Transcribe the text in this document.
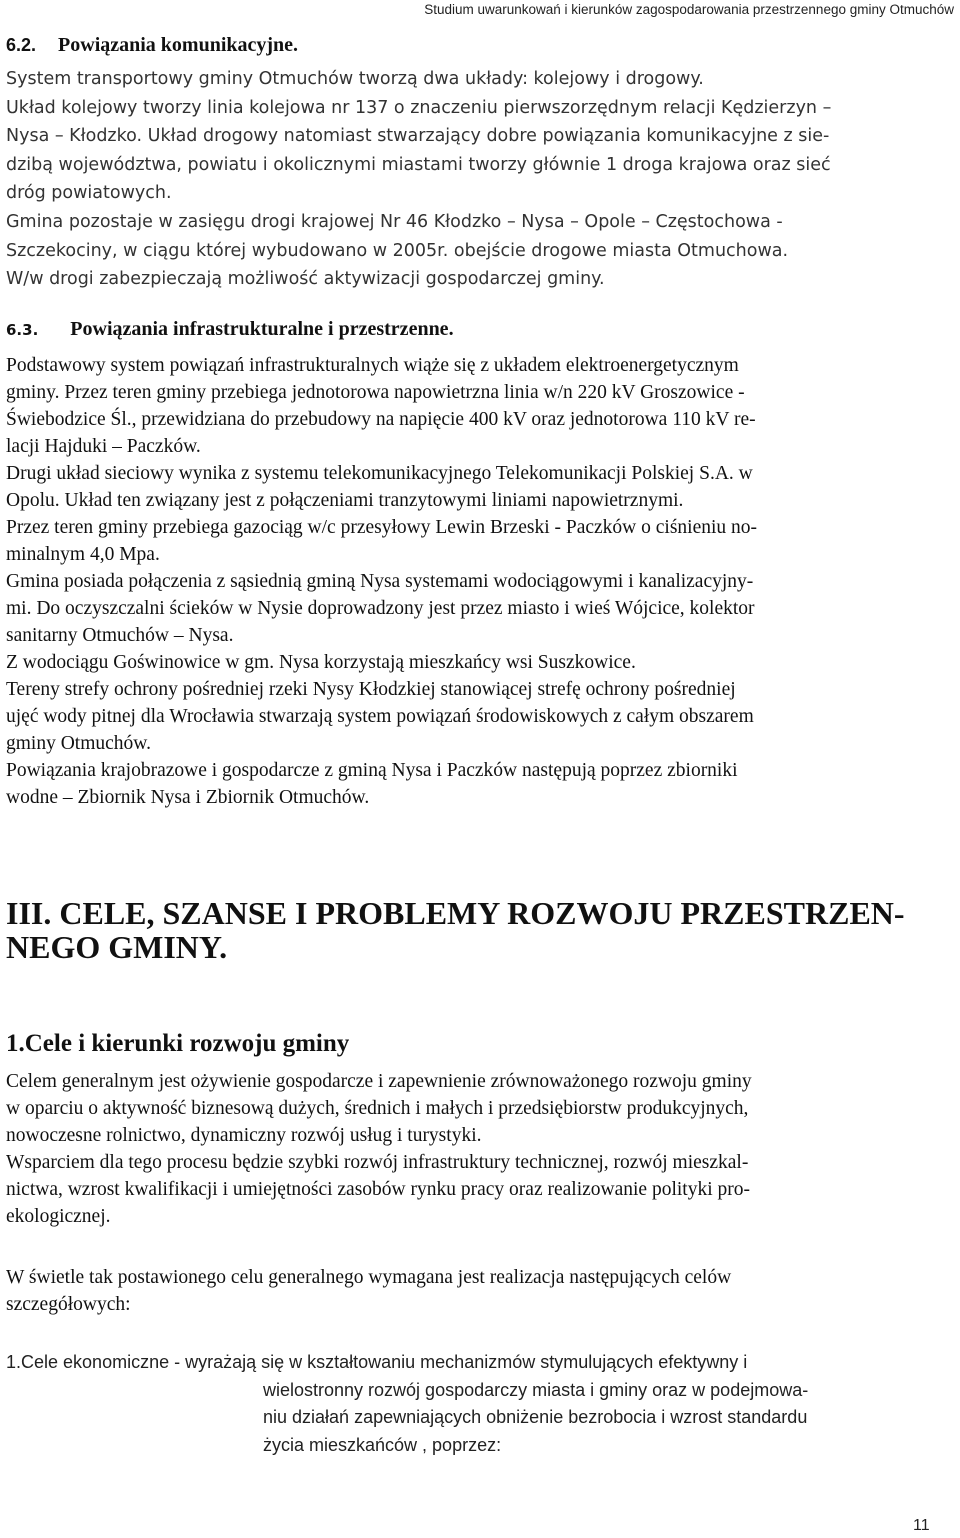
Studium uwarunkowań i kierunków zagospodarowania przestrzennego gminy Otmuchów
6.2. Powiązania komunikacyjne.
System transportowy gminy Otmuchów tworzą dwa układy: kolejowy i drogowy.
Układ kolejowy tworzy linia kolejowa nr 137 o znaczeniu pierwszorzędnym relacji Kędzierzyn –
Nysa – Kłodzko. Układ drogowy natomiast stwarzający dobre powiązania komunikacyjne z sie-
dzibą województwa, powiatu i okolicznymi miastami tworzy głównie 1 droga krajowa oraz sieć
dróg powiatowych.
Gmina pozostaje w zasięgu drogi krajowej Nr 46 Kłodzko – Nysa – Opole – Częstochowa -
Szczekociny, w ciągu której wybudowano w 2005r. obejście drogowe miasta Otmuchowa.
W/w drogi zabezpieczają możliwość aktywizacji gospodarczej gminy.
6.3. Powiązania infrastrukturalne i przestrzenne.
Podstawowy system powiązań infrastrukturalnych wiąże się z układem elektroenergetycznym
gminy. Przez teren gminy przebiega jednotorowa napowietrzna linia w/n 220 kV Groszowice -
Świebodzice Śl., przewidziana do przebudowy na napięcie 400 kV oraz jednotorowa 110 kV re-
lacji Hajduki – Paczków.
Drugi układ sieciowy wynika z systemu telekomunikacyjnego Telekomunikacji Polskiej S.A. w
Opolu. Układ ten związany jest z połączeniami tranzytowymi liniami napowietrznymi.
Przez teren gminy przebiega gazociąg w/c przesyłowy Lewin Brzeski - Paczków o ciśnieniu no-
minalnym 4,0 Mpa.
Gmina posiada połączenia z sąsiednią gminą Nysa systemami wodociągowymi i kanalizacyjny-
mi. Do oczyszczalni ścieków w Nysie doprowadzony jest przez miasto i wieś Wójcice, kolektor
sanitarny Otmuchów – Nysa.
Z wodociągu Goświnowice w gm. Nysa korzystają mieszkańcy wsi Suszkowice.
Tereny strefy ochrony pośredniej rzeki Nysy Kłodzkiej stanowiącej strefę ochrony pośredniej
ujęć wody pitnej dla Wrocławia stwarzają system powiązań środowiskowych z całym obszarem
gminy Otmuchów.
Powiązania krajobrazowe i gospodarcze z gminą Nysa i Paczków następują poprzez zbiorniki
wodne – Zbiornik Nysa i Zbiornik Otmuchów.
III. CELE, SZANSE I PROBLEMY ROZWOJU PRZESTRZEN-
NEGO GMINY.
1.Cele i kierunki rozwoju gminy
Celem generalnym jest ożywienie gospodarcze i zapewnienie zrównoważonego rozwoju gminy
w oparciu o aktywność biznesową dużych, średnich i małych i przedsiębiorstw produkcyjnych,
nowoczesne rolnictwo, dynamiczny rozwój usług i turystyki.
Wsparciem dla tego procesu będzie szybki rozwój infrastruktury technicznej, rozwój mieszkal-
nictwa, wzrost kwalifikacji i umiejętności zasobów rynku pracy oraz realizowanie polityki pro-
ekologicznej.
W świetle tak postawionego celu generalnego wymagana jest realizacja następujących celów
szczegółowych:
1.Cele ekonomiczne - wyrażają się w kształtowaniu mechanizmów stymulujących efektywny i
wielostronny rozwój gospodarczy miasta i gminy oraz w podejmowa-
niu działań zapewniających obniżenie bezrobocia i wzrost standardu
życia mieszkańców , poprzez:
11
